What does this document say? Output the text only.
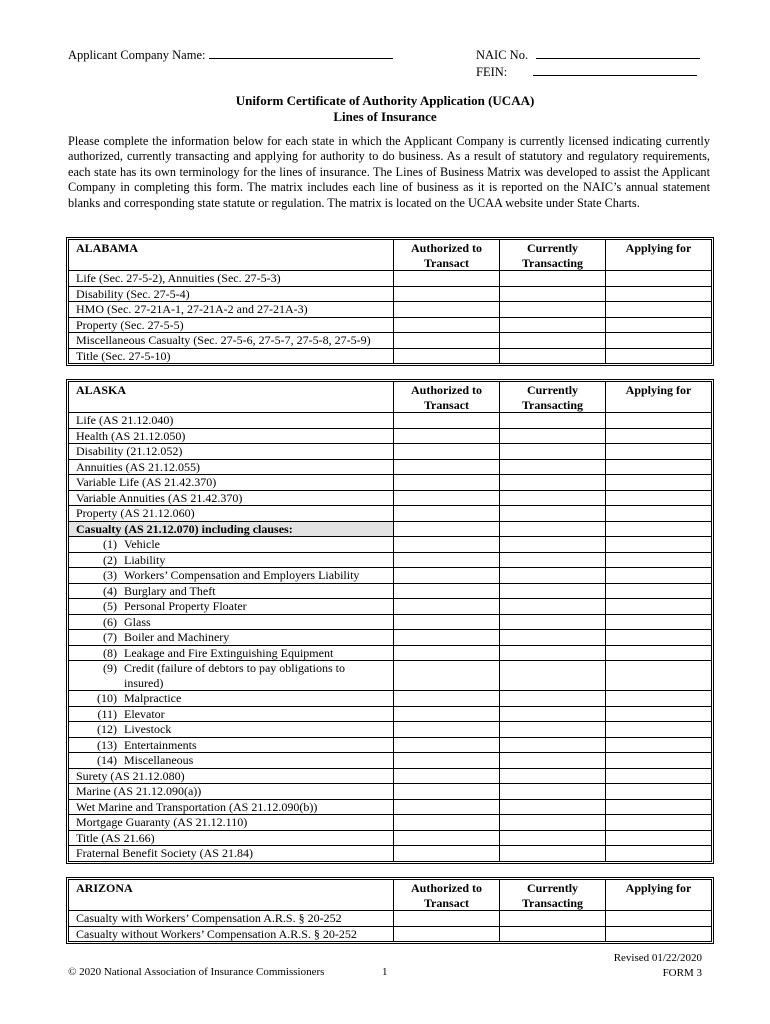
Applicant Company Name:	NAIC No.
FEIN:
Uniform Certificate of Authority Application (UCAA)
Lines of Insurance

Please complete the information below for each state in which the Applicant Company is currently licensed indicating currently authorized, currently transacting and applying for authority to do business. As a result of statutory and regulatory requirements, each state has its own terminology for the lines of insurance. The Lines of Business Matrix was developed to assist the Applicant Company in completing this form. The matrix includes each line of business as it is reported on the NAIC’s annual statement blanks and corresponding state statute or regulation. The matrix is located on the UCAA website under State Charts.

ALABAMA	Authorized to Transact	Currently Transacting	Applying for
Life (Sec. 27-5-2), Annuities (Sec. 27-5-3)			
Disability (Sec. 27-5-4)			
HMO (Sec. 27-21A-1, 27-21A-2 and 27-21A-3)			
Property (Sec. 27-5-5)			
Miscellaneous Casualty (Sec. 27-5-6, 27-5-7, 27-5-8, 27-5-9)			
Title (Sec. 27-5-10)			
ALASKA	Authorized to Transact	Currently Transacting	Applying for
Life (AS 21.12.040)			
Health (AS 21.12.050)			
Disability (21.12.052)			
Annuities (AS 21.12.055)			
Variable Life (AS 21.42.370)			
Variable Annuities (AS 21.42.370)			
Property (AS 21.12.060)			
Casualty (AS 21.12.070) including clauses:			
(1) Vehicle			
(2) Liability			
(3) Workers’ Compensation and Employers Liability			
(4) Burglary and Theft			
(5) Personal Property Floater			
(6) Glass			
(7) Boiler and Machinery			
(8) Leakage and Fire Extinguishing Equipment			
(9) Credit (failure of debtors to pay obligations to insured)			
(10) Malpractice			
(11) Elevator			
(12) Livestock			
(13) Entertainments			
(14) Miscellaneous			
Surety (AS 21.12.080)			
Marine (AS 21.12.090(a))			
Wet Marine and Transportation (AS 21.12.090(b))			
Mortgage Guaranty (AS 21.12.110)			
Title (AS 21.66)			
Fraternal Benefit Society (AS 21.84)			
ARIZONA	Authorized to Transact	Currently Transacting	Applying for
Casualty with Workers’ Compensation A.R.S. § 20-252			
Casualty without Workers’ Compensation A.R.S. § 20-252			
© 2020 National Association of Insurance Commissioners	1
Revised 01/22/2020
FORM 3
